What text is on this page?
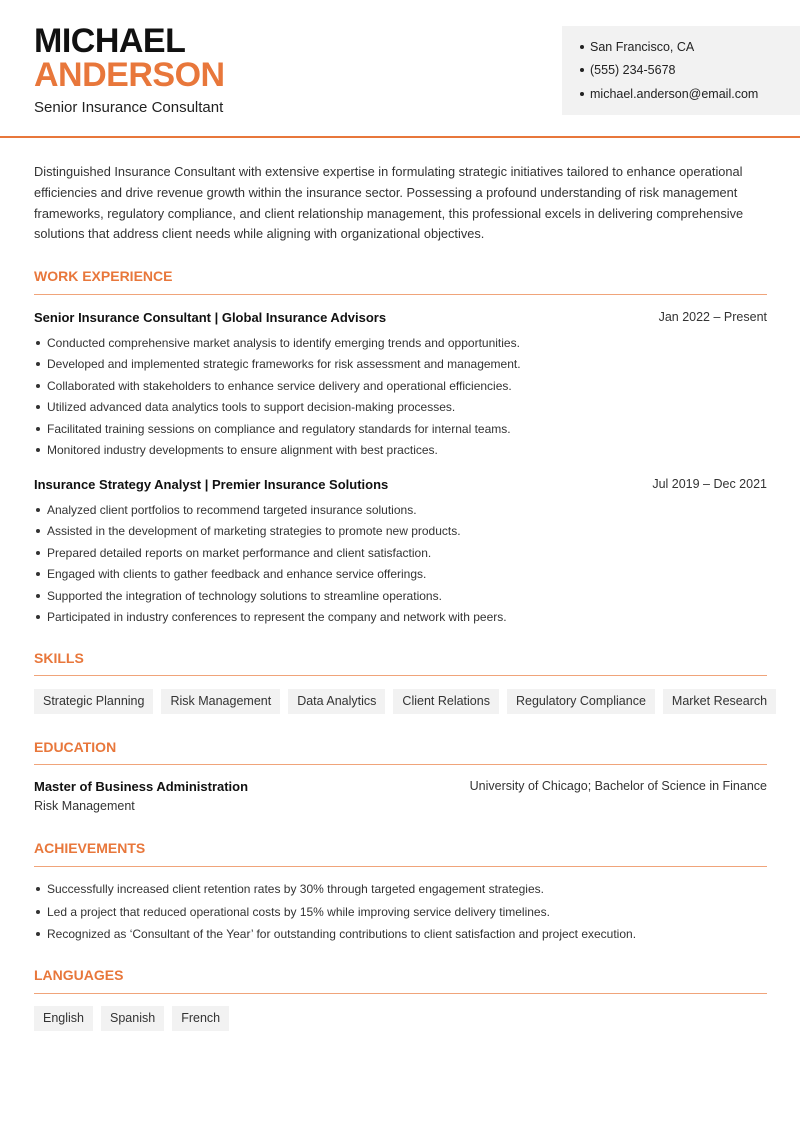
MICHAEL
ANDERSON
Senior Insurance Consultant
San Francisco, CA
(555) 234-5678
michael.anderson@email.com

Distinguished Insurance Consultant with extensive expertise in formulating strategic initiatives tailored to enhance operational efficiencies and drive revenue growth within the insurance sector. Possessing a profound understanding of risk management frameworks, regulatory compliance, and client relationship management, this professional excels in delivering comprehensive solutions that address client needs while aligning with organizational objectives.

WORK EXPERIENCE
Senior Insurance Consultant | Global Insurance Advisors	Jan 2022 – Present
Conducted comprehensive market analysis to identify emerging trends and opportunities.
Developed and implemented strategic frameworks for risk assessment and management.
Collaborated with stakeholders to enhance service delivery and operational efficiencies.
Utilized advanced data analytics tools to support decision-making processes.
Facilitated training sessions on compliance and regulatory standards for internal teams.
Monitored industry developments to ensure alignment with best practices.
Insurance Strategy Analyst | Premier Insurance Solutions	Jul 2019 – Dec 2021
Analyzed client portfolios to recommend targeted insurance solutions.
Assisted in the development of marketing strategies to promote new products.
Prepared detailed reports on market performance and client satisfaction.
Engaged with clients to gather feedback and enhance service offerings.
Supported the integration of technology solutions to streamline operations.
Participated in industry conferences to represent the company and network with peers.
SKILLS
Strategic Planning	Risk Management	Data Analytics	Client Relations	Regulatory Compliance	Market Research
EDUCATION
Master of Business Administration	University of Chicago; Bachelor of Science in Finance
Risk Management
ACHIEVEMENTS
Successfully increased client retention rates by 30% through targeted engagement strategies.
Led a project that reduced operational costs by 15% while improving service delivery timelines.
Recognized as ‘Consultant of the Year’ for outstanding contributions to client satisfaction and project execution.
LANGUAGES
English	Spanish	French
